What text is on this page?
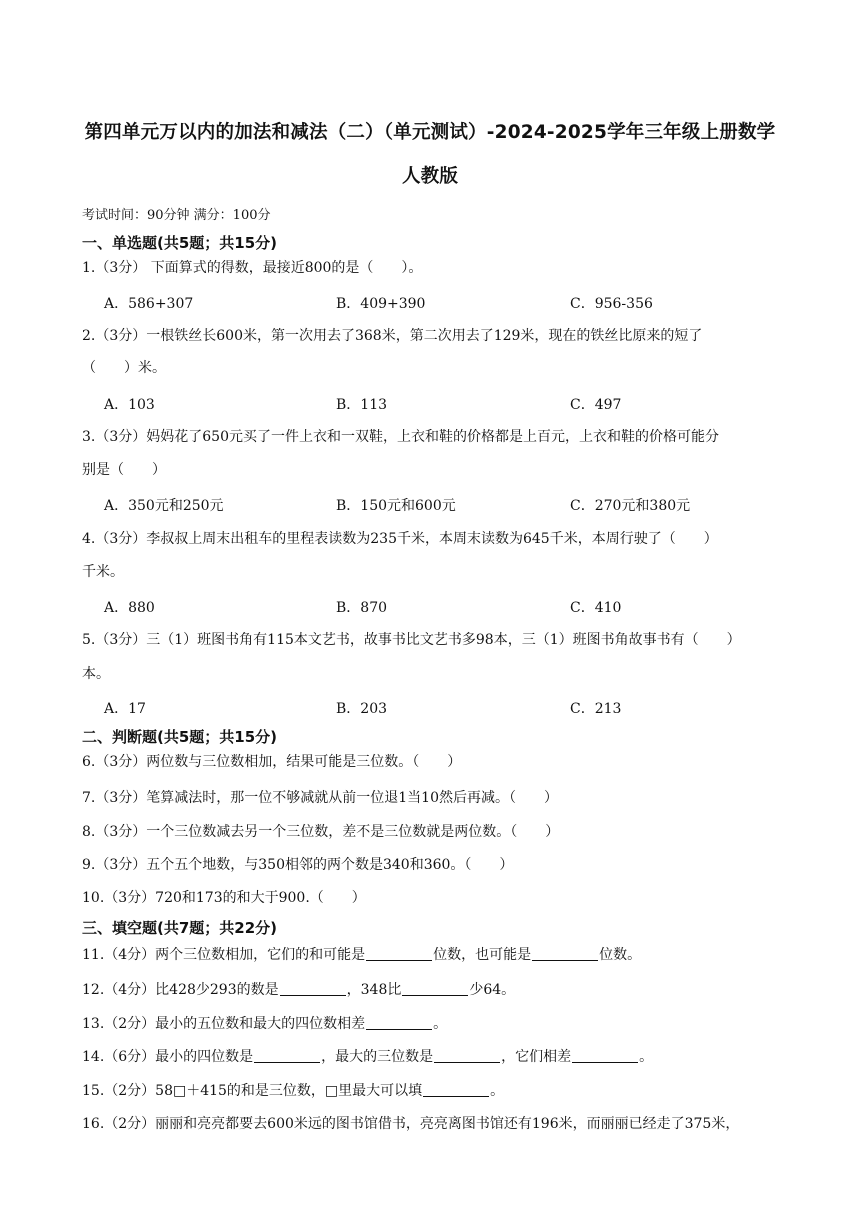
第四单元万以内的加法和减法（二）（单元测试）-2024-2025学年三年级上册数学
人教版
考试时间：90分钟 满分：100分
一、单选题(共5题；共15分)
1.（3分） 下面算式的得数，最接近800的是（　　）。
A．586+307	B．409+390	C．956-356
2.（3分）一根铁丝长600米，第一次用去了368米，第二次用去了129米，现在的铁丝比原来的短了
（　　）米。
A．103	B．113	C．497
3.（3分）妈妈花了650元买了一件上衣和一双鞋，上衣和鞋的价格都是上百元，上衣和鞋的价格可能分
别是（　　）
A．350元和250元	B．150元和600元	C．270元和380元
4.（3分）李叔叔上周末出租车的里程表读数为235千米，本周末读数为645千米，本周行驶了（　　）
千米。
A．880	B．870	C．410
5.（3分）三（1）班图书角有115本文艺书，故事书比文艺书多98本，三（1）班图书角故事书有（　　）
本。
A．17	B．203	C．213
二、判断题(共5题；共15分)
6.（3分）两位数与三位数相加，结果可能是三位数。（　　）
7.（3分）笔算减法时，那一位不够减就从前一位退1当10然后再减。（　　）
8.（3分）一个三位数减去另一个三位数，差不是三位数就是两位数。（　　）
9.（3分）五个五个地数，与350相邻的两个数是340和360。（　　）
10.（3分）720和173的和大于900.（　　）
三、填空题(共7题；共22分)
11.（4分）两个三位数相加，它们的和可能是	位数，也可能是	位数。
12.（4分）比428少293的数是	，348比	少64。
13.（2分）最小的五位数和最大的四位数相差	。
14.（6分）最小的四位数是	，最大的三位数是	，它们相差	。
15.（2分）58□＋415的和是三位数，□里最大可以填	。
16.（2分）丽丽和亮亮都要去600米远的图书馆借书，亮亮离图书馆还有196米，而丽丽已经走了375米，
